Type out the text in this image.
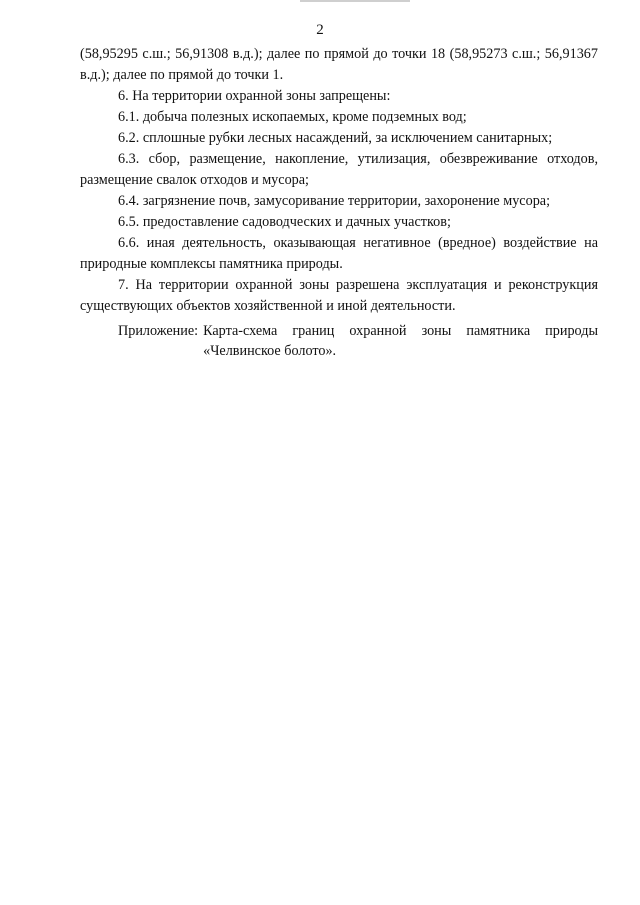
2

(58,95295 с.ш.; 56,91308 в.д.); далее по прямой до точки 18 (58,95273 с.ш.; 56,91367 в.д.); далее по прямой до точки 1.

6. На территории охранной зоны запрещены:

6.1. добыча полезных ископаемых, кроме подземных вод;

6.2. сплошные рубки лесных насаждений, за исключением санитарных;

6.3. сбор, размещение, накопление, утилизация, обезвреживание отходов, размещение свалок отходов и мусора;

6.4. загрязнение почв, замусоривание территории, захоронение мусора;

6.5. предоставление садоводческих и дачных участков;

6.6. иная деятельность, оказывающая негативное (вредное) воздействие на природные комплексы памятника природы.

7. На территории охранной зоны разрешена эксплуатация и реконструкция существующих объектов хозяйственной и иной деятельности.

Приложение: Карта-схема границ охранной зоны памятника природы «Челвинское болото».
